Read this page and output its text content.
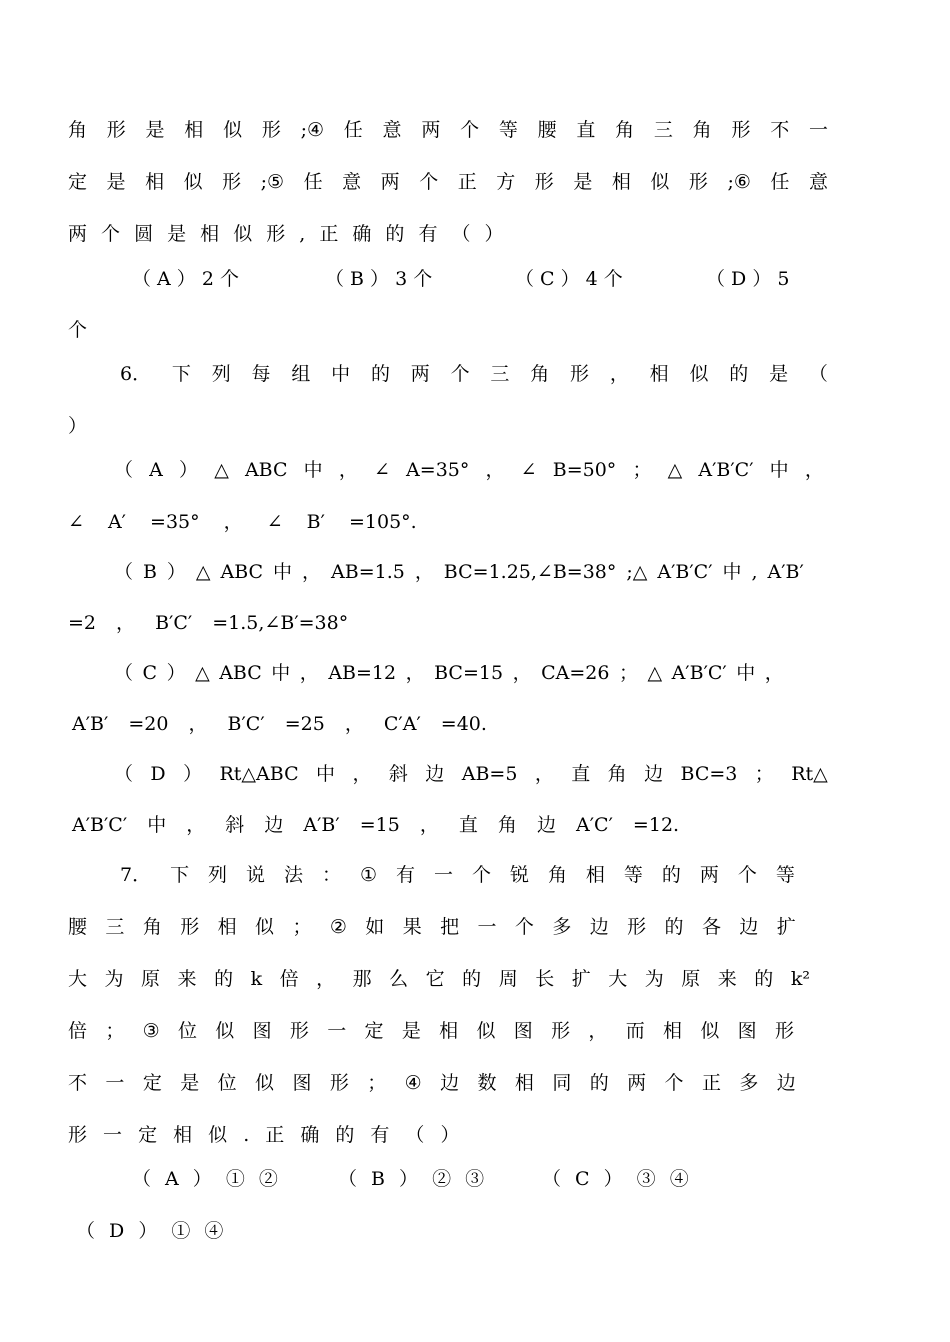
角 形 是 相 似 形 ;④ 任 意 两 个 等 腰 直 角 三 角 形 不 一
定 是 相 似 形 ;⑤ 任 意 两 个 正 方 形 是 相 似 形 ;⑥ 任 意
两 个 圆 是 相 似 形 , 正 确 的 有 （ ）
（ A ） 2 个	（ B ） 3 个	（ C ） 4 个	（ D ） 5
个
6． 下 列 每 组 中 的 两 个 三 角 形 ， 相 似 的 是 （
）
（ A ） △ ABC 中 ， ∠ A=35° ， ∠ B=50° ； △ A′B′C′ 中 ，
∠ A′ =35° ， ∠ B′ =105°.
（ B ） △ ABC 中 ， AB=1.5 ， BC=1.25,∠B=38° ;△ A′B′C′ 中 , A′B′
=2 ， B′C′ =1.5,∠B′=38°
（ C ） △ ABC 中 ， AB=12 ， BC=15 ， CA=26 ； △ A′B′C′ 中 ，
A′B′ =20 ， B′C′ =25 ， C′A′ =40.
（ D ） Rt△ABC 中 ， 斜 边 AB=5 ， 直 角 边 BC=3 ； Rt△
A′B′C′ 中 ， 斜 边 A′B′ =15 ， 直 角 边 A′C′ =12.
7． 下 列 说 法 ： ① 有 一 个 锐 角 相 等 的 两 个 等
腰 三 角 形 相 似 ； ② 如 果 把 一 个 多 边 形 的 各 边 扩
大 为 原 来 的 k 倍 ， 那 么 它 的 周 长 扩 大 为 原 来 的 k²
倍 ； ③ 位 似 图 形 一 定 是 相 似 图 形 ， 而 相 似 图 形
不 一 定 是 位 似 图 形 ； ④ 边 数 相 同 的 两 个 正 多 边
形 一 定 相 似 . 正 确 的 有 （ ）
（ A ） ① ②	（ B ） ② ③	（ C ） ③ ④
（ D ） ① ④
